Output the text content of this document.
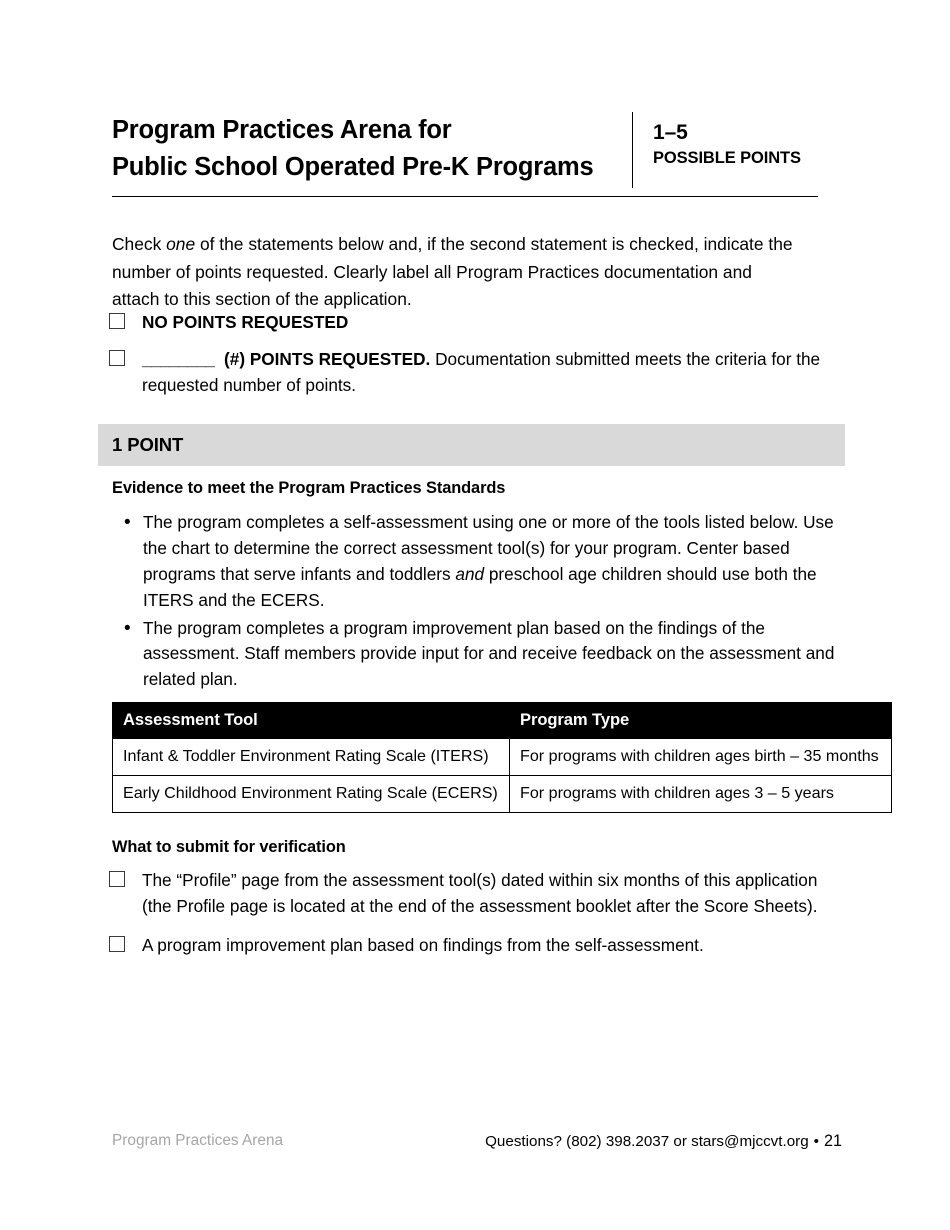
Program Practices Arena for
Public School Operated Pre-K Programs
1–5
POSSIBLE POINTS

Check one of the statements below and, if the second statement is checked, indicate the number of points requested. Clearly label all Program Practices documentation and attach to this section of the application.

NO POINTS REQUESTED
________ (#) POINTS REQUESTED. Documentation submitted meets the criteria for the requested number of points.
1 POINT
Evidence to meet the Program Practices Standards
• The program completes a self-assessment using one or more of the tools listed below. Use the chart to determine the correct assessment tool(s) for your program. Center based programs that serve infants and toddlers and preschool age children should use both the ITERS and the ECERS.
• The program completes a program improvement plan based on the findings of the assessment. Staff members provide input for and receive feedback on the assessment and related plan.
Assessment Tool	Program Type
Infant & Toddler Environment Rating Scale (ITERS)	For programs with children ages birth – 35 months
Early Childhood Environment Rating Scale (ECERS)	For programs with children ages 3 – 5 years
What to submit for verification
The “Profile” page from the assessment tool(s) dated within six months of this application (the Profile page is located at the end of the assessment booklet after the Score Sheets).
A program improvement plan based on findings from the self-assessment.
Program Practices Arena	Questions? (802) 398.2037 or stars@mjccvt.org • 21
